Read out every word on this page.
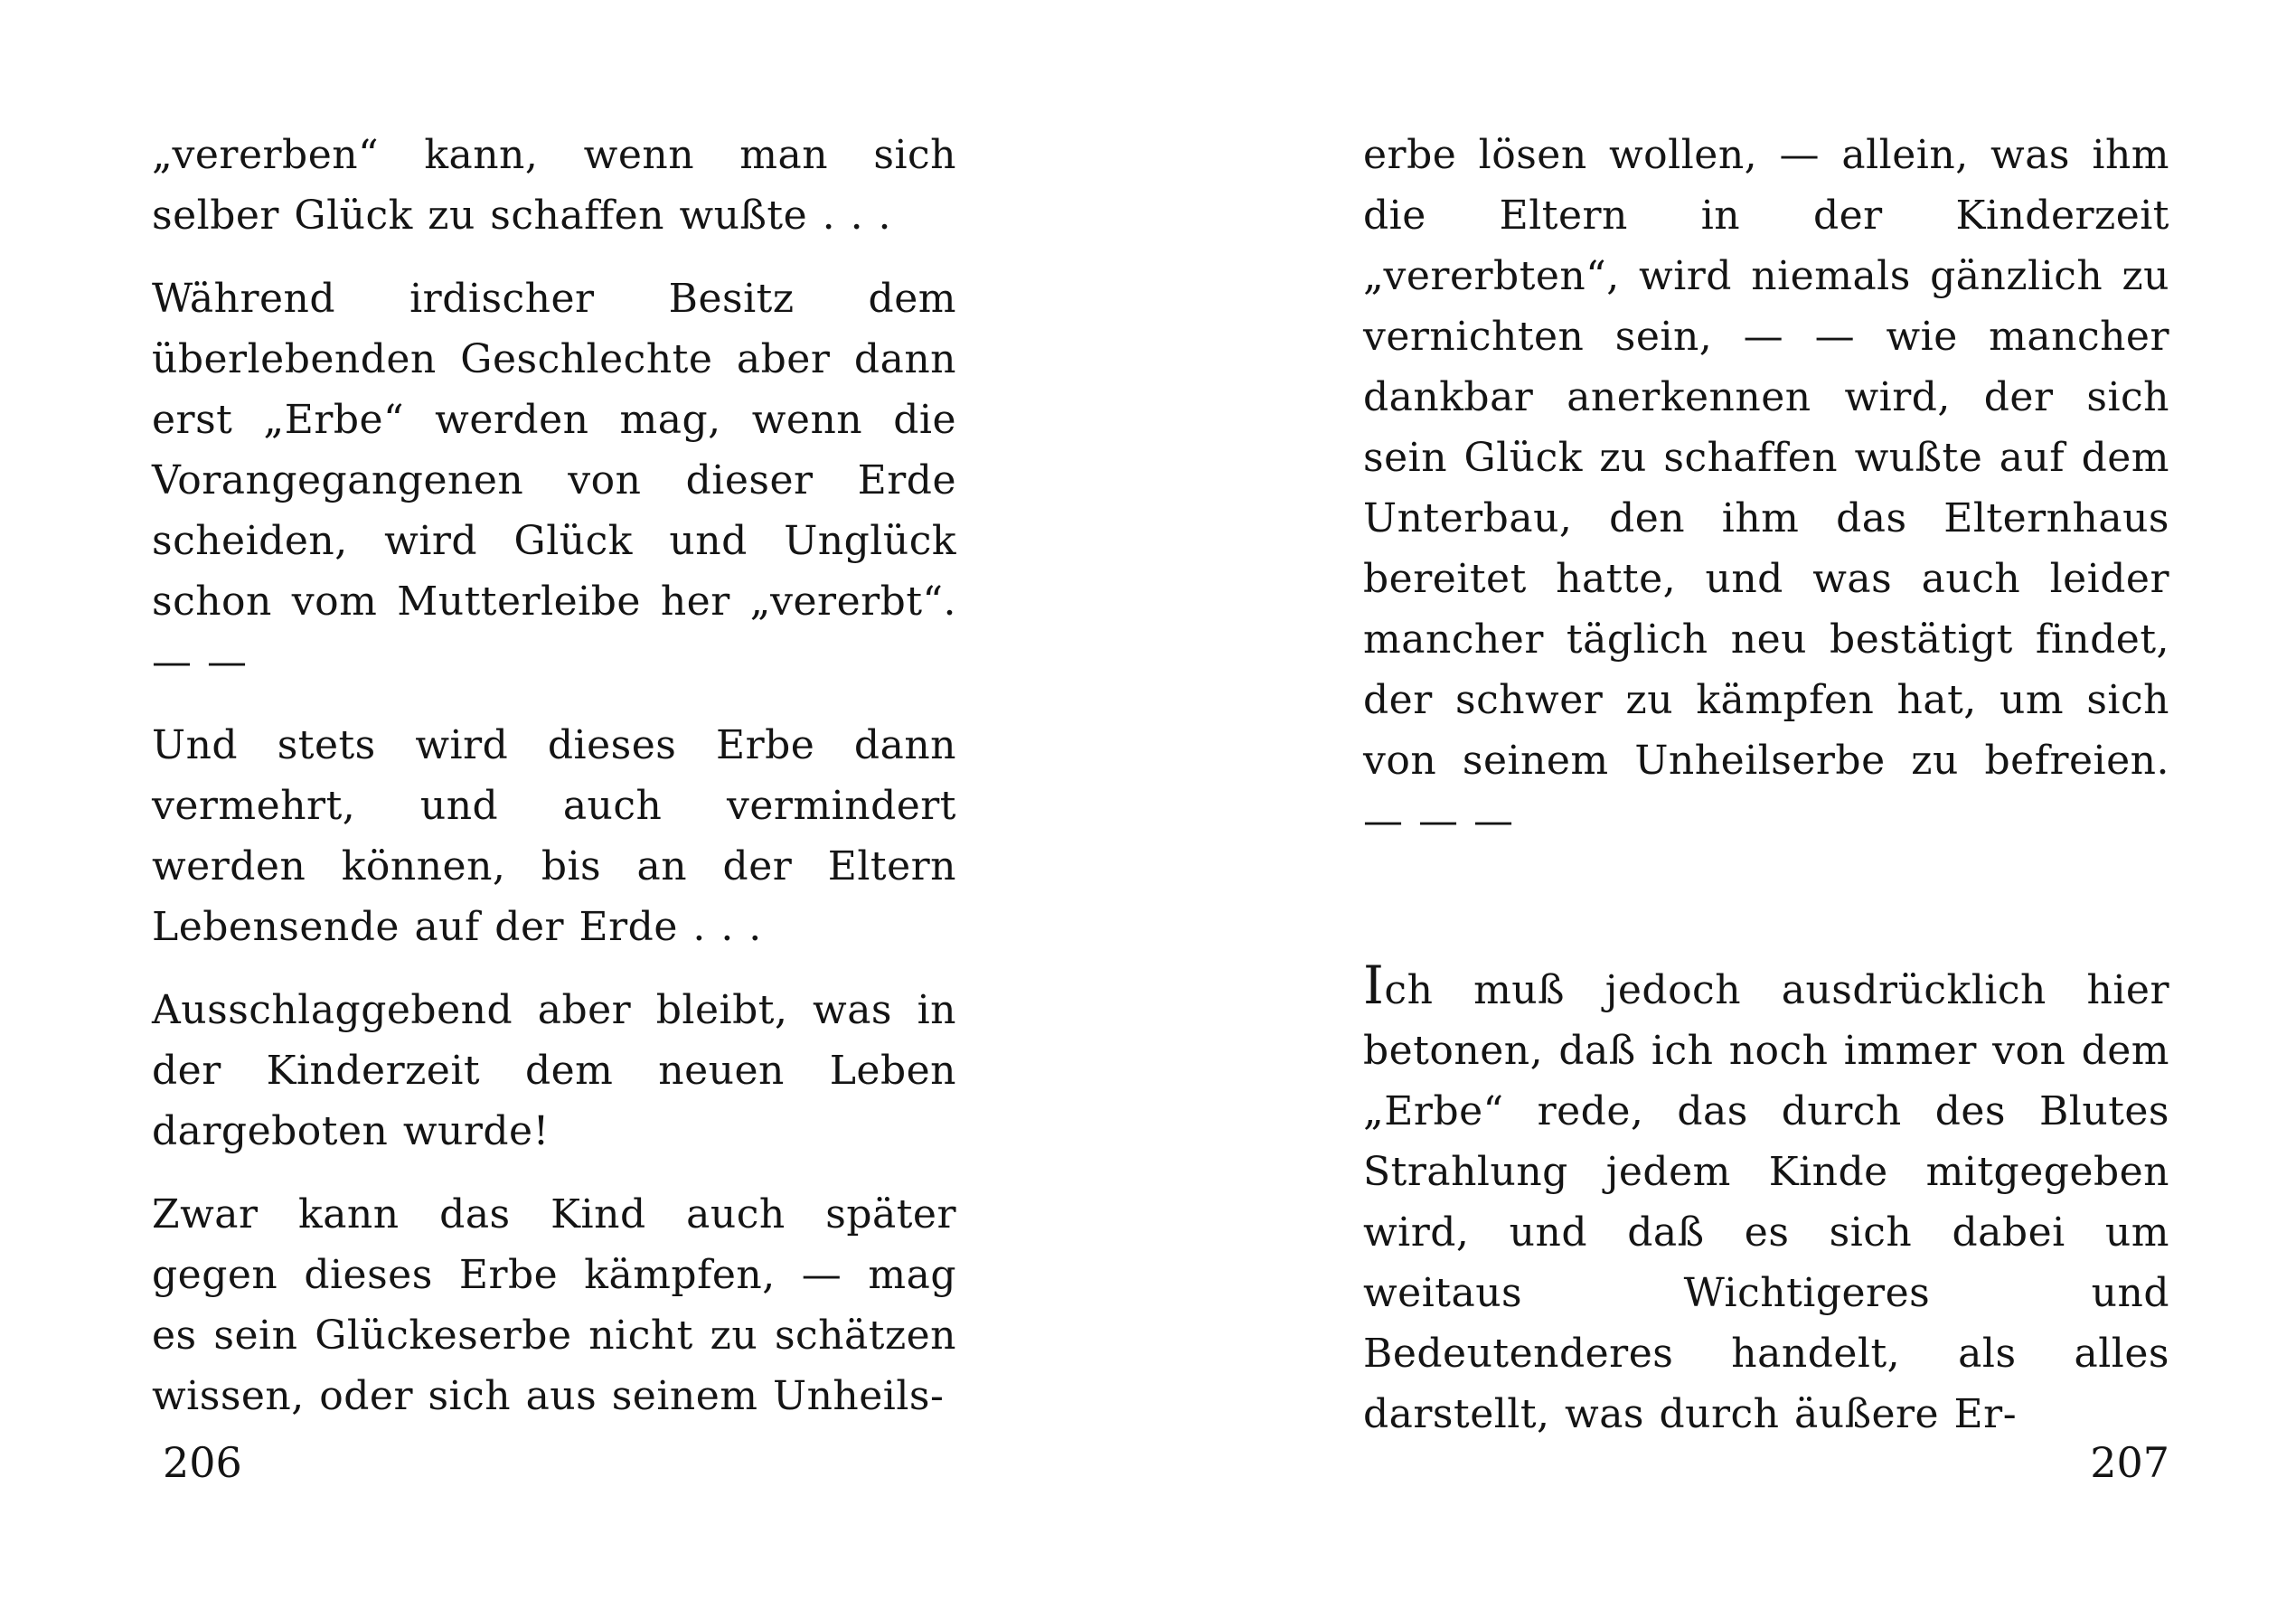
„vererben“ kann, wenn man sich selber Glück zu schaffen wußte . . .

Während irdischer Besitz dem überlebenden Geschlechte aber dann erst „Erbe“ werden mag, wenn die Vorangegangenen von dieser Erde scheiden, wird Glück und Unglück schon vom Mutterleibe her „vererbt“. — —

Und stets wird dieses Erbe dann vermehrt, und auch vermindert werden können, bis an der Eltern Lebensende auf der Erde . . .

Ausschlaggebend aber bleibt, was in der Kinderzeit dem neuen Leben dargeboten wurde!

Zwar kann das Kind auch später gegen dieses Erbe kämpfen, — mag es sein Glückeserbe nicht zu schätzen wissen, oder sich aus seinem Unheils-

206

erbe lösen wollen, — allein, was ihm die Eltern in der Kinderzeit „vererbten“, wird niemals gänzlich zu vernichten sein, — — wie mancher dankbar anerkennen wird, der sich sein Glück zu schaffen wußte auf dem Unterbau, den ihm das Elternhaus bereitet hatte, und was auch leider mancher täglich neu bestätigt findet, der schwer zu kämpfen hat, um sich von seinem Unheilserbe zu befreien. — — —

Ich muß jedoch ausdrücklich hier betonen, daß ich noch immer von dem „Erbe“ rede, das durch des Blutes Strahlung jedem Kinde mitgegeben wird, und daß es sich dabei um weitaus Wichtigeres und Bedeutenderes handelt, als alles darstellt, was durch äußere Er-

207
